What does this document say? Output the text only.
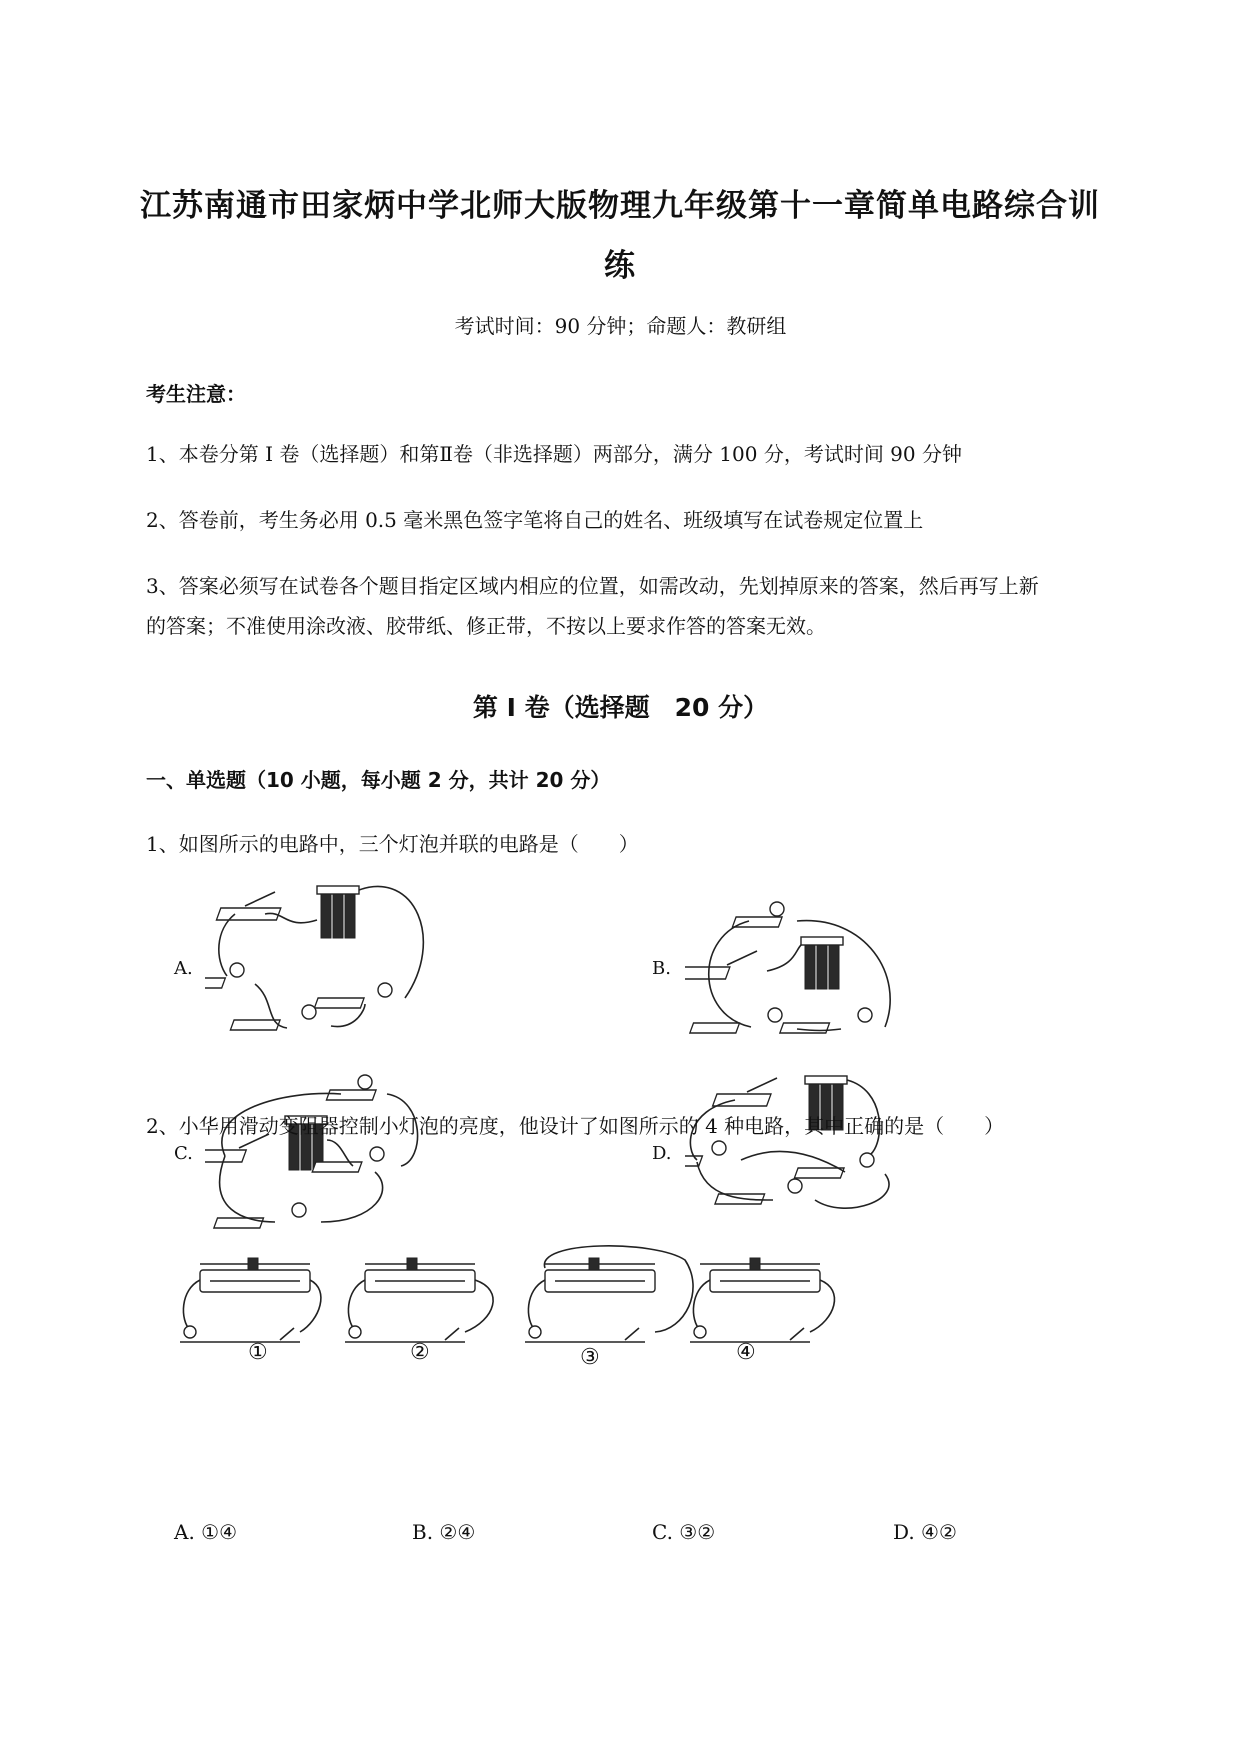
江苏南通市田家炳中学北师大版物理九年级第十一章简单电路综合训
练
考试时间：90 分钟；命题人：教研组
考生注意：
1、本卷分第 I 卷（选择题）和第Ⅱ卷（非选择题）两部分，满分 100 分，考试时间 90 分钟
2、答卷前，考生务必用 0.5 毫米黑色签字笔将自己的姓名、班级填写在试卷规定位置上
3、答案必须写在试卷各个题目指定区域内相应的位置，如需改动，先划掉原来的答案，然后再写上新
的答案；不准使用涂改液、胶带纸、修正带，不按以上要求作答的答案无效。
第 I 卷（选择题　20 分）
一、单选题（10 小题，每小题 2 分，共计 20 分）
1、如图所示的电路中，三个灯泡并联的电路是（　　）
A.	B.
C.	D.
2、小华用滑动变阻器控制小灯泡的亮度，他设计了如图所示的 4 种电路，其中正确的是（　　）
①	②	③	④
A. ①④	B. ②④	C. ③②	D. ④②
